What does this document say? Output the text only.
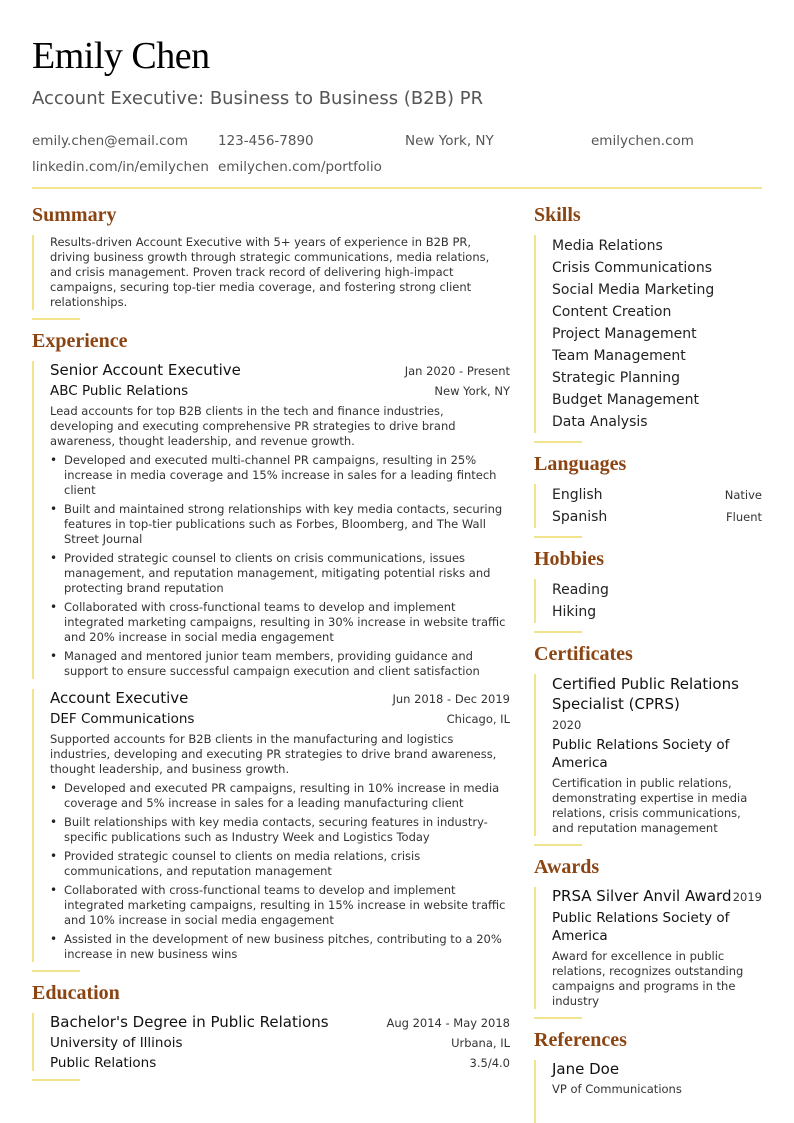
Emily Chen
Account Executive: Business to Business (B2B) PR
emily.chen@email.com	123-456-7890	New York, NY	emilychen.com
linkedin.com/in/emilychen emilychen.com/portfolio
Summary

Results-driven Account Executive with 5+ years of experience in B2B PR, driving business growth through strategic communications, media relations, and crisis management. Proven track record of delivering high-impact campaigns, securing top-tier media coverage, and fostering strong client relationships.

Experience
Senior Account Executive	Jan 2020 - Present
ABC Public Relations	New York, NY

Lead accounts for top B2B clients in the tech and finance industries, developing and executing comprehensive PR strategies to drive brand awareness, thought leadership, and revenue growth.

• Developed and executed multi-channel PR campaigns, resulting in 25% increase in media coverage and 15% increase in sales for a leading fintech client
• Built and maintained strong relationships with key media contacts, securing features in top-tier publications such as Forbes, Bloomberg, and The Wall Street Journal
• Provided strategic counsel to clients on crisis communications, issues management, and reputation management, mitigating potential risks and protecting brand reputation
• Collaborated with cross-functional teams to develop and implement integrated marketing campaigns, resulting in 30% increase in website traffic and 20% increase in social media engagement
• Managed and mentored junior team members, providing guidance and support to ensure successful campaign execution and client satisfaction
Account Executive	Jun 2018 - Dec 2019
DEF Communications	Chicago, IL

Supported accounts for B2B clients in the manufacturing and logistics industries, developing and executing PR strategies to drive brand awareness, thought leadership, and business growth.

• Developed and executed PR campaigns, resulting in 10% increase in media coverage and 5% increase in sales for a leading manufacturing client
• Built relationships with key media contacts, securing features in industry-specific publications such as Industry Week and Logistics Today
• Provided strategic counsel to clients on media relations, crisis communications, and reputation management
• Collaborated with cross-functional teams to develop and implement integrated marketing campaigns, resulting in 15% increase in website traffic and 10% increase in social media engagement
• Assisted in the development of new business pitches, contributing to a 20% increase in new business wins
Education
Bachelor's Degree in Public Relations	Aug 2014 - May 2018
University of Illinois	Urbana, IL
Public Relations	3.5/4.0
Skills
Media Relations
Crisis Communications
Social Media Marketing
Content Creation
Project Management
Team Management
Strategic Planning
Budget Management
Data Analysis
Languages
English	Native
Spanish	Fluent
Hobbies
Reading
Hiking
Certificates
Certified Public Relations Specialist (CPRS)
2020
Public Relations Society of America
Certification in public relations, demonstrating expertise in media relations, crisis communications, and reputation management
Awards
PRSA Silver Anvil Award 2019
Public Relations Society of America
Award for excellence in public relations, recognizes outstanding campaigns and programs in the industry
References
Jane Doe
VP of Communications
